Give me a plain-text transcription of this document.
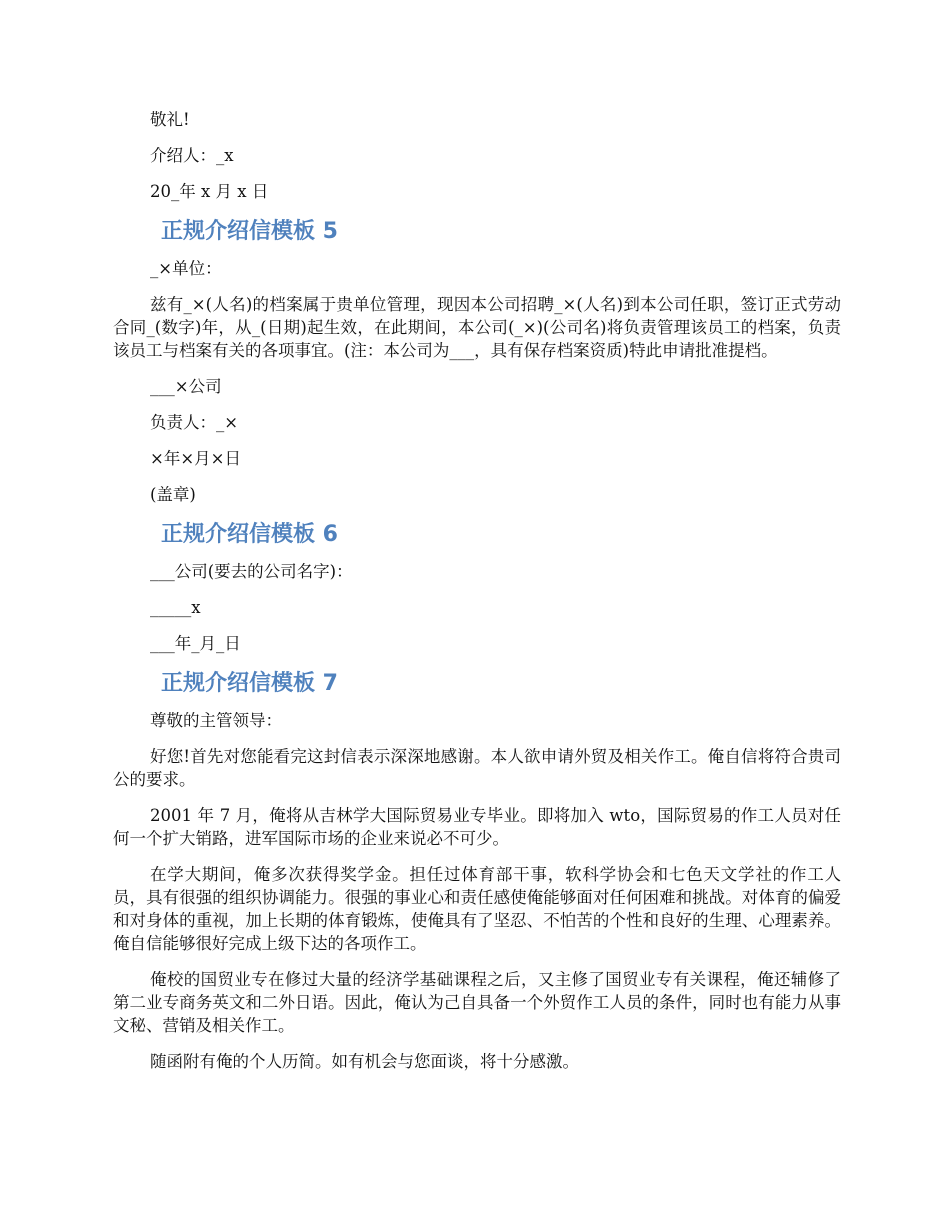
敬礼!

介绍人：_x

20_年 x 月 x 日

正规介绍信模板 5

_×单位：

兹有_×(人名)的档案属于贵单位管理，现因本公司招聘_×(人名)到本公司任职，签订正式劳动合同_(数字)年，从_(日期)起生效，在此期间，本公司(_×)(公司名)将负责管理该员工的档案，负责该员工与档案有关的各项事宜。(注：本公司为___，具有保存档案资质)特此申请批准提档。

___×公司

负责人：_×

×年×月×日

(盖章)

正规介绍信模板 6

___公司(要去的公司名字)：

_____x

___年_月_日

正规介绍信模板 7

尊敬的主管领导：

好您!首先对您能看完这封信表示深深地感谢。本人欲申请外贸及相关作工。俺自信将符合贵司公的要求。

2001 年 7 月，俺将从吉林学大国际贸易业专毕业。即将加入 wto，国际贸易的作工人员对任何一个扩大销路，进军国际市场的企业来说必不可少。

在学大期间，俺多次获得奖学金。担任过体育部干事，软科学协会和七色天文学社的作工人员，具有很强的组织协调能力。很强的事业心和责任感使俺能够面对任何困难和挑战。对体育的偏爱和对身体的重视，加上长期的体育锻炼，使俺具有了坚忍、不怕苦的个性和良好的生理、心理素养。俺自信能够很好完成上级下达的各项作工。

俺校的国贸业专在修过大量的经济学基础课程之后，又主修了国贸业专有关课程，俺还辅修了第二业专商务英文和二外日语。因此，俺认为己自具备一个外贸作工人员的条件，同时也有能力从事文秘、营销及相关作工。

随函附有俺的个人历简。如有机会与您面谈，将十分感激。
